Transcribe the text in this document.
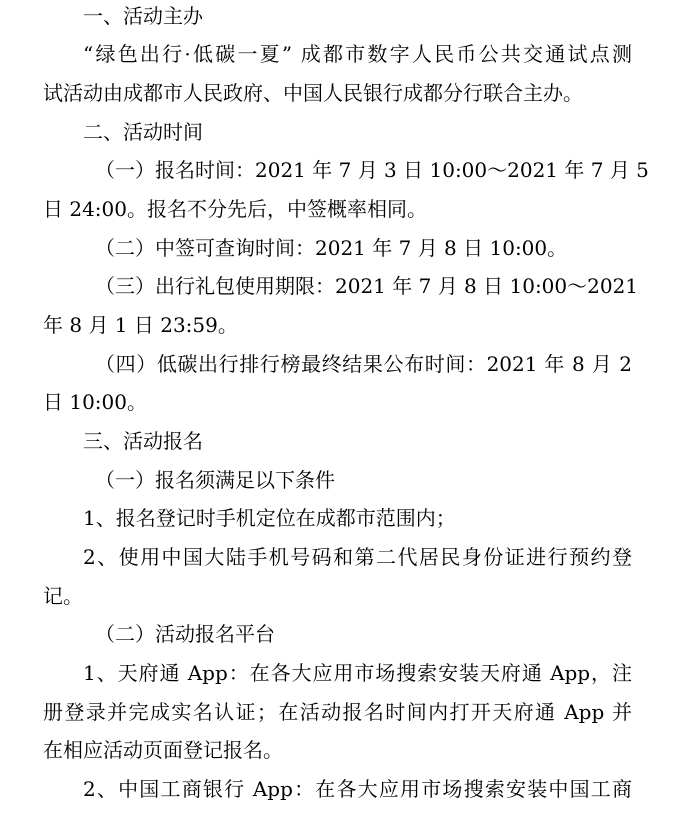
一、活动主办
“绿色出行·低碳一夏” 成都市数字人民币公共交通试点测
试活动由成都市人民政府、中国人民银行成都分行联合主办。
二、活动时间
（一）报名时间：2021 年 7 月 3 日 10:00～2021 年 7 月 5
日 24:00。报名不分先后，中签概率相同。
（二）中签可查询时间：2021 年 7 月 8 日 10:00。
（三）出行礼包使用期限：2021 年 7 月 8 日 10:00～2021
年 8 月 1 日 23:59。
（四）低碳出行排行榜最终结果公布时间：2021 年 8 月 2
日 10:00。
三、活动报名
（一）报名须满足以下条件
1、报名登记时手机定位在成都市范围内；
2、使用中国大陆手机号码和第二代居民身份证进行预约登
记。
（二）活动报名平台
1、天府通 App：在各大应用市场搜索安装天府通 App，注
册登录并完成实名认证；在活动报名时间内打开天府通 App 并
在相应活动页面登记报名。
2、中国工商银行 App：在各大应用市场搜索安装中国工商
